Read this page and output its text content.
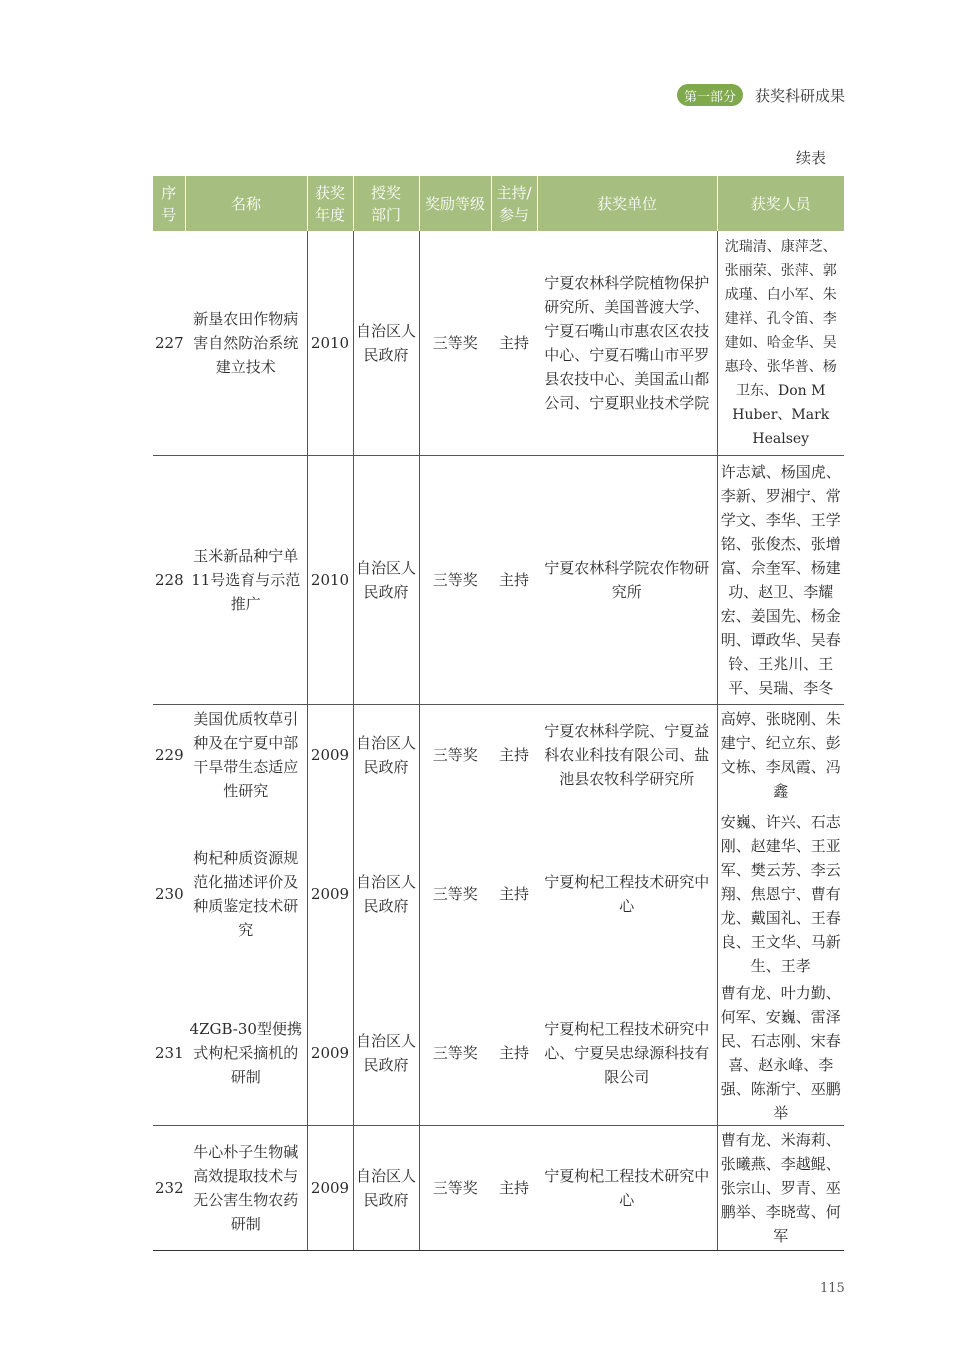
第一部分	获奖科研成果
续表
序号	名称	获奖年度	授奖部门	奖励等级	主持/参与	获奖单位	获奖人员
227	新垦农田作物病害自然防治系统建立技术	2010	自治区人民政府	三等奖	主持	宁夏农林科学院植物保护研究所、美国普渡大学、宁夏石嘴山市惠农区农技中心、宁夏石嘴山市平罗县农技中心、美国孟山都公司、宁夏职业技术学院	沈瑞清、康萍芝、张丽荣、张萍、郭成瑾、白小军、朱建祥、孔令笛、李建如、哈金华、吴惠玲、张华普、杨卫东、Don M Huber、Mark Healsey
228	玉米新品种宁单11号选育与示范推广	2010	自治区人民政府	三等奖	主持	宁夏农林科学院农作物研究所	许志斌、杨国虎、李新、罗湘宁、常学文、李华、王学铭、张俊杰、张增富、佘奎军、杨建功、赵卫、李耀宏、姜国先、杨金明、谭政华、吴春铃、王兆川、王平、吴瑞、李冬
229	美国优质牧草引种及在宁夏中部干旱带生态适应性研究	2009	自治区人民政府	三等奖	主持	宁夏农林科学院、宁夏益科农业科技有限公司、盐池县农牧科学研究所	高婷、张晓刚、朱建宁、纪立东、彭文栋、李凤霞、冯鑫
230	枸杞种质资源规范化描述评价及种质鉴定技术研究	2009	自治区人民政府	三等奖	主持	宁夏枸杞工程技术研究中心	安巍、许兴、石志刚、赵建华、王亚军、樊云芳、李云翔、焦恩宁、曹有龙、戴国礼、王春良、王文华、马新生、王孝
231	4ZGB-30型便携式枸杞采摘机的研制	2009	自治区人民政府	三等奖	主持	宁夏枸杞工程技术研究中心、宁夏吴忠绿源科技有限公司	曹有龙、叶力勤、何军、安巍、雷泽民、石志刚、宋春喜、赵永峰、李强、陈渐宁、巫鹏举
232	牛心朴子生物碱高效提取技术与无公害生物农药研制	2009	自治区人民政府	三等奖	主持	宁夏枸杞工程技术研究中心	曹有龙、米海莉、张曦燕、李越鲲、张宗山、罗青、巫鹏举、李晓莺、何军
115
